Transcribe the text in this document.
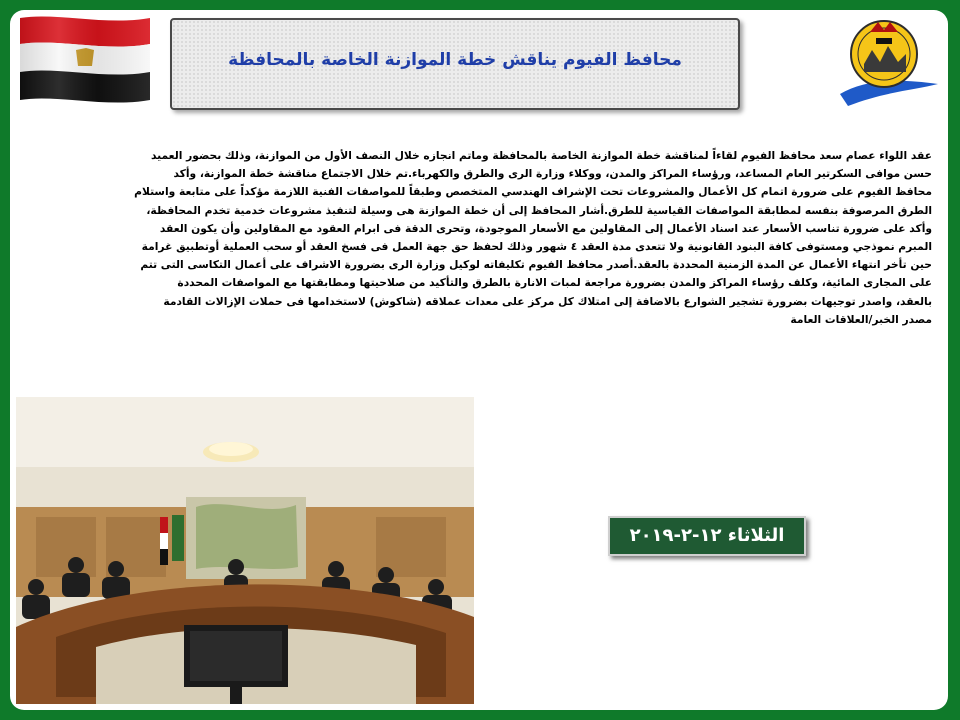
محافظ الفيوم يناقش خطة الموازنة الخاصة بالمحافظة
عقد اللواء عصام سعد محافظ الفيوم لقاءاً لمناقشة خطة الموازنة الخاصة بالمحافظة وماتم انجازه خلال النصف الأول من الموازنة، وذلك بحضور العميد
حسن موافى السكرتير العام المساعد، ورؤساء المراكز والمدن، ووكلاء وزارة الرى والطرق والكهرباء.تم خلال الاجتماع مناقشة خطة الموازنة، وأكد
محافظ الفيوم على ضرورة اتمام كل الأعمال والمشروعات تحت الإشراف الهندسي المتخصص وطبقاً للمواصفات الفنية اللازمة مؤكداً على متابعة واستلام
الطرق المرصوفة بنفسه لمطابقة المواصفات القياسية للطرق.أشار المحافظ إلى أن خطة الموازنة هى وسيلة لتنفيذ مشروعات خدمية تخدم المحافظة،
وأكد على ضرورة تناسب الأسعار عند اسناد الأعمال إلى المقاولين مع الأسعار الموجودة، وتحرى الدقة فى ابرام العقود مع المقاولين وأن يكون العقد
المبرم نموذجي ومستوفى كافة البنود القانونية ولا تتعدى مدة العقد ٤ شهور وذلك لحفظ حق جهة العمل فى فسخ العقد أو سحب العملية أوتطبيق غرامة
حين تأخر انتهاء الأعمال عن المدة الزمنية المحددة بالعقد.أصدر محافظ الفيوم تكليفاته لوكيل وزارة الرى بضرورة الاشراف على أعمال التكاسى التى تتم
على المجارى المائية، وكلف رؤساء المراكز والمدن بضرورة مراجعة لمبات الانارة بالطرق والتأكيد من صلاحيتها ومطابقتها مع المواصفات المحددة
بالعقد، واصدر توجيهات بضرورة تشجير الشوارع بالاضافة إلى امتلاك كل مركز على معدات عملاقه (شاكوش) لاستخدامها فى حملات الإزالات القادمة
مصدر الخبر/العلاقات العامة
الثلاثاء ١٢-٢-٢٠١٩
